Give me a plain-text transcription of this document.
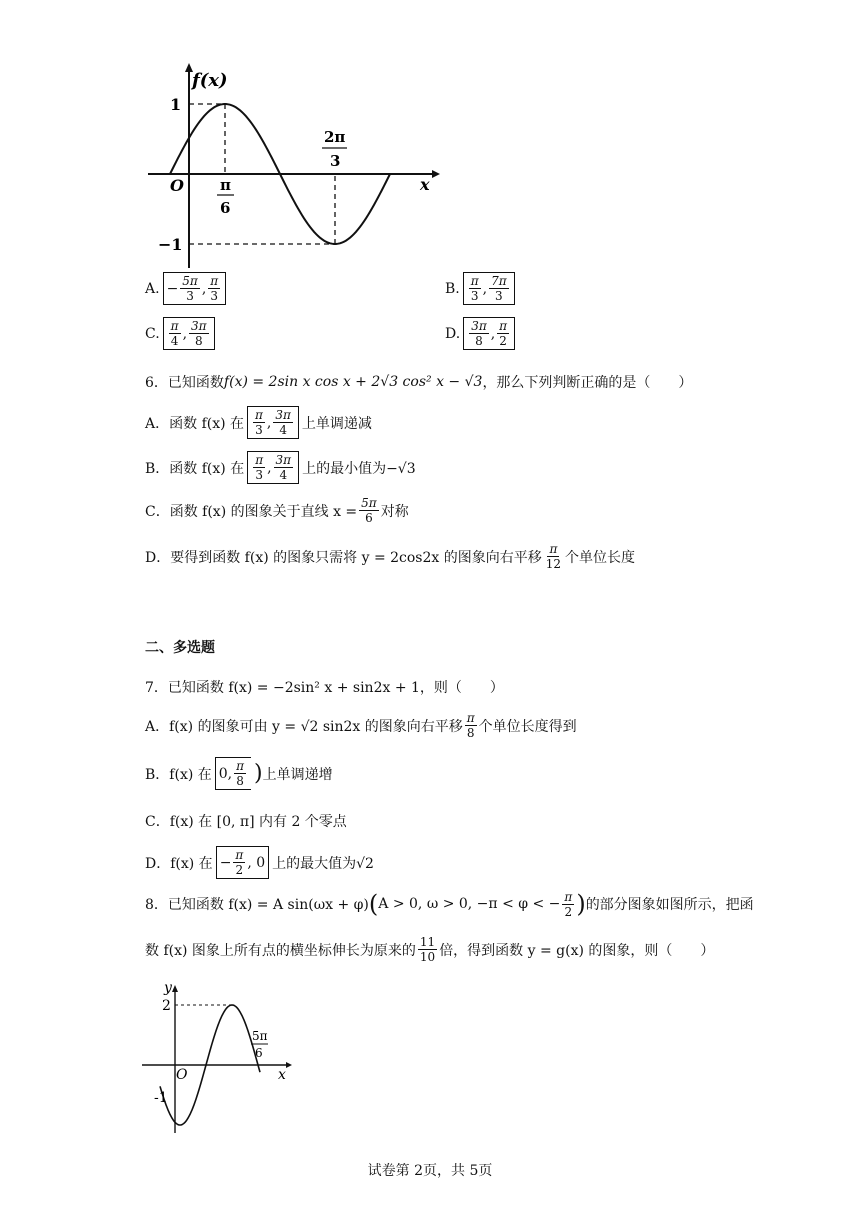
f(x)
x
O
1
−1
π
6
2π
3
A. − $\frac{5\pi}{3}$ , $\frac{\pi}{3}$	B. $\frac{\pi}{3}$ , $\frac{7\pi}{3}$
C. $\frac{\pi}{4}$ , $\frac{3\pi}{8}$	D. $\frac{3\pi}{8}$ , $\frac{\pi}{2}$
6．已知函数 f(x) = 2sin x cos x + 2√3 cos² x − √3 ，那么下列判断正确的是（　　）
A． 函数 f(x) 在 $\frac{\pi}{3}$ , $\frac{3\pi}{4}$ 上单调递减
B． 函数 f(x) 在 $\frac{\pi}{3}$ , $\frac{3\pi}{4}$ 上的最小值为−√3
C． 函数 f(x) 的图象关于直线 $x = \frac{5\pi}{6}$ 对称
D． 要得到函数 f(x) 的图象只需将 y = 2cos2x 的图象向右平移 $\frac{\pi}{12}$ 个单位长度
二、多选题
7．已知函数 f(x) = −2sin² x + sin2x + 1，则（　　）
A． f(x) 的图象可由 y = √2 sin2x 的图象向右平移 $\frac{\pi}{8}$ 个单位长度得到
B． f(x) 在 0, $\frac{\pi}{8}$ ) 上单调递增
C． f(x) 在 [0, π] 内有 2 个零点
D． f(x) 在 − $\frac{\pi}{2}$ , 0 上的最大值为√2
8．已知函数 f(x) = A sin(ωx + φ) ( A > 0, ω > 0, −π < φ < − $\frac{\pi}{2}$ ) 的部分图象如图所示，把函
数 f(x) 图象上所有点的横坐标伸长为原来的 $\frac{11}{10}$ 倍，得到函数 y = g(x) 的图象，则（　　）
y
x
O
2
-1
5π
6
试卷第 2页，共 5页
